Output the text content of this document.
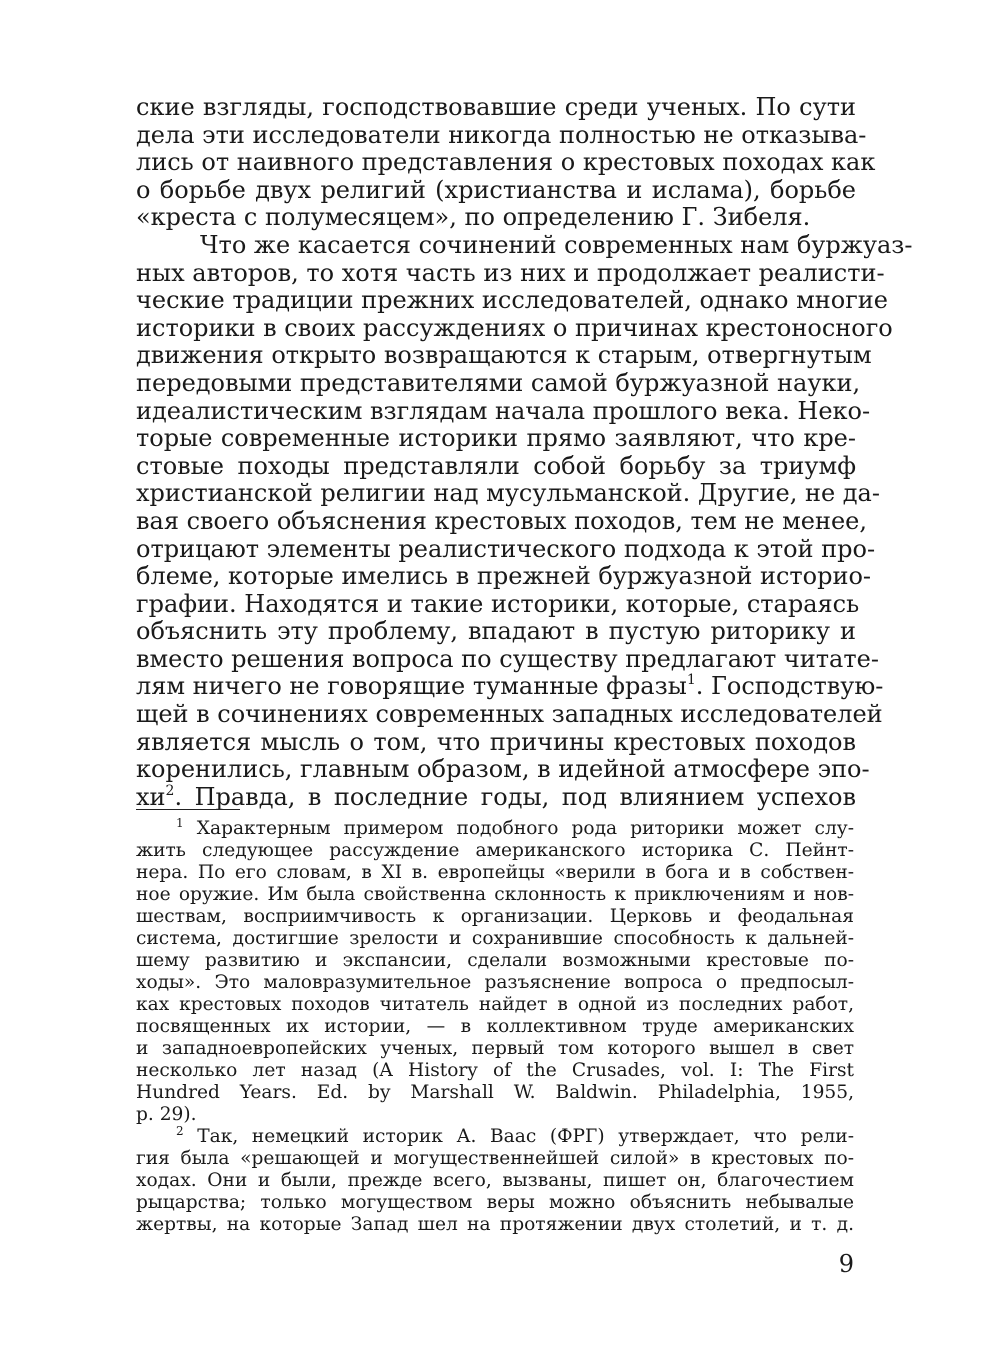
ские взгляды, господствовавшие среди ученых. По сути
дела эти исследователи никогда полностью не отказыва-
лись от наивного представления о крестовых походах как
о борьбе двух религий (христианства и ислама), борьбе
«креста с полумесяцем», по определению Г. Зибеля.
Что же касается сочинений современных нам буржуаз-
ных авторов, то хотя часть из них и продолжает реалисти-
ческие традиции прежних исследователей, однако многие
историки в своих рассуждениях о причинах крестоносного
движения открыто возвращаются к старым, отвергнутым
передовыми представителями самой буржуазной науки,
идеалистическим взглядам начала прошлого века. Неко-
торые современные историки прямо заявляют, что кре-
стовые походы представляли собой борьбу за триумф
христианской религии над мусульманской. Другие, не да-
вая своего объяснения крестовых походов, тем не менее,
отрицают элементы реалистического подхода к этой про-
блеме, которые имелись в прежней буржуазной историо-
графии. Находятся и такие историки, которые, стараясь
объяснить эту проблему, впадают в пустую риторику и
вместо решения вопроса по существу предлагают читате-
лям ничего не говорящие туманные фразы$^1$. Господствую-
щей в сочинениях современных западных исследователей
является мысль о том, что причины крестовых походов
коренились, главным образом, в идейной атмосфере эпо-
$хи^2$. Правда, в последние годы, под влиянием успехов
$^1$ Характерным примером подобного рода риторики может слу-
жить следующее рассуждение американского историка С. Пейнт-
нера. По его словам, в XI в. европейцы «верили в бога и в собствен-
ное оружие. Им была свойственна склонность к приключениям и нов-
шествам, восприимчивость к организации. Церковь и феодальная
система, достигшие зрелости и сохранившие способность к дальней-
шему развитию и экспансии, сделали возможными крестовые по-
ходы». Это маловразумительное разъяснение вопроса о предпосыл-
ках крестовых походов читатель найдет в одной из последних работ,
посвященных их истории, — в коллективном труде американских
и западноевропейских ученых, первый том которого вышел в свет
несколько лет назад (A History of the Crusades, vol. I: The First
Hundred Years. Ed. by Marshall W. Baldwin. Philadelphia, 1955,
p. 29).
$^2$ Так, немецкий историк А. Ваас (ФРГ) утверждает, что рели-
гия была «решающей и могущественнейшей силой» в крестовых по-
ходах. Они и были, прежде всего, вызваны, пишет он, благочестием
рыцарства; только могуществом веры можно объяснить небывалые
жертвы, на которые Запад шел на протяжении двух столетий, и т. д.
9
